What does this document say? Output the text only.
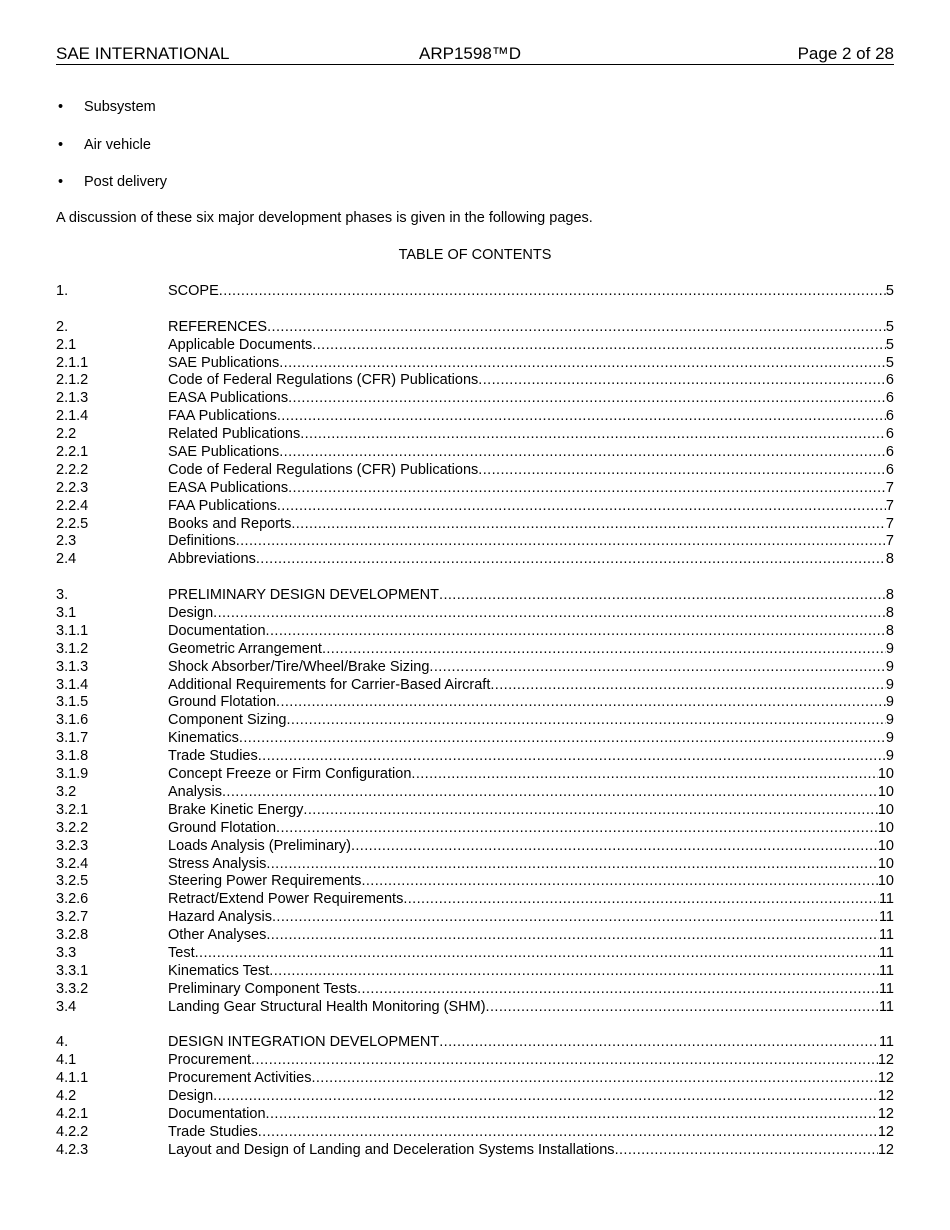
SAE INTERNATIONAL	ARP1598™D	Page 2 of 28
• Subsystem
• Air vehicle
• Post delivery
A discussion of these six major development phases is given in the following pages.
TABLE OF CONTENTS
1.	SCOPE .....	5
2.	REFERENCES .....	5
2.1	Applicable Documents .....	5
2.1.1	SAE Publications .....	5
2.1.2	Code of Federal Regulations (CFR) Publications .....	6
2.1.3	EASA Publications .....	6
2.1.4	FAA Publications .....	6
2.2	Related Publications .....	6
2.2.1	SAE Publications .....	6
2.2.2	Code of Federal Regulations (CFR) Publications .....	6
2.2.3	EASA Publications .....	7
2.2.4	FAA Publications .....	7
2.2.5	Books and Reports .....	7
2.3	Definitions .....	7
2.4	Abbreviations .....	8
3.	PRELIMINARY DESIGN DEVELOPMENT .....	8
3.1	Design .....	8
3.1.1	Documentation .....	8
3.1.2	Geometric Arrangement .....	9
3.1.3	Shock Absorber/Tire/Wheel/Brake Sizing .....	9
3.1.4	Additional Requirements for Carrier-Based Aircraft .....	9
3.1.5	Ground Flotation .....	9
3.1.6	Component Sizing .....	9
3.1.7	Kinematics .....	9
3.1.8	Trade Studies .....	9
3.1.9	Concept Freeze or Firm Configuration .....	10
3.2	Analysis .....	10
3.2.1	Brake Kinetic Energy .....	10
3.2.2	Ground Flotation .....	10
3.2.3	Loads Analysis (Preliminary) .....	10
3.2.4	Stress Analysis .....	10
3.2.5	Steering Power Requirements .....	10
3.2.6	Retract/Extend Power Requirements .....	11
3.2.7	Hazard Analysis .....	11
3.2.8	Other Analyses .....	11
3.3	Test .....	11
3.3.1	Kinematics Test .....	11
3.3.2	Preliminary Component Tests .....	11
3.4	Landing Gear Structural Health Monitoring (SHM) .....	11
4.	DESIGN INTEGRATION DEVELOPMENT .....	11
4.1	Procurement .....	12
4.1.1	Procurement Activities .....	12
4.2	Design .....	12
4.2.1	Documentation .....	12
4.2.2	Trade Studies .....	12
4.2.3	Layout and Design of Landing and Deceleration Systems Installations .....	12
